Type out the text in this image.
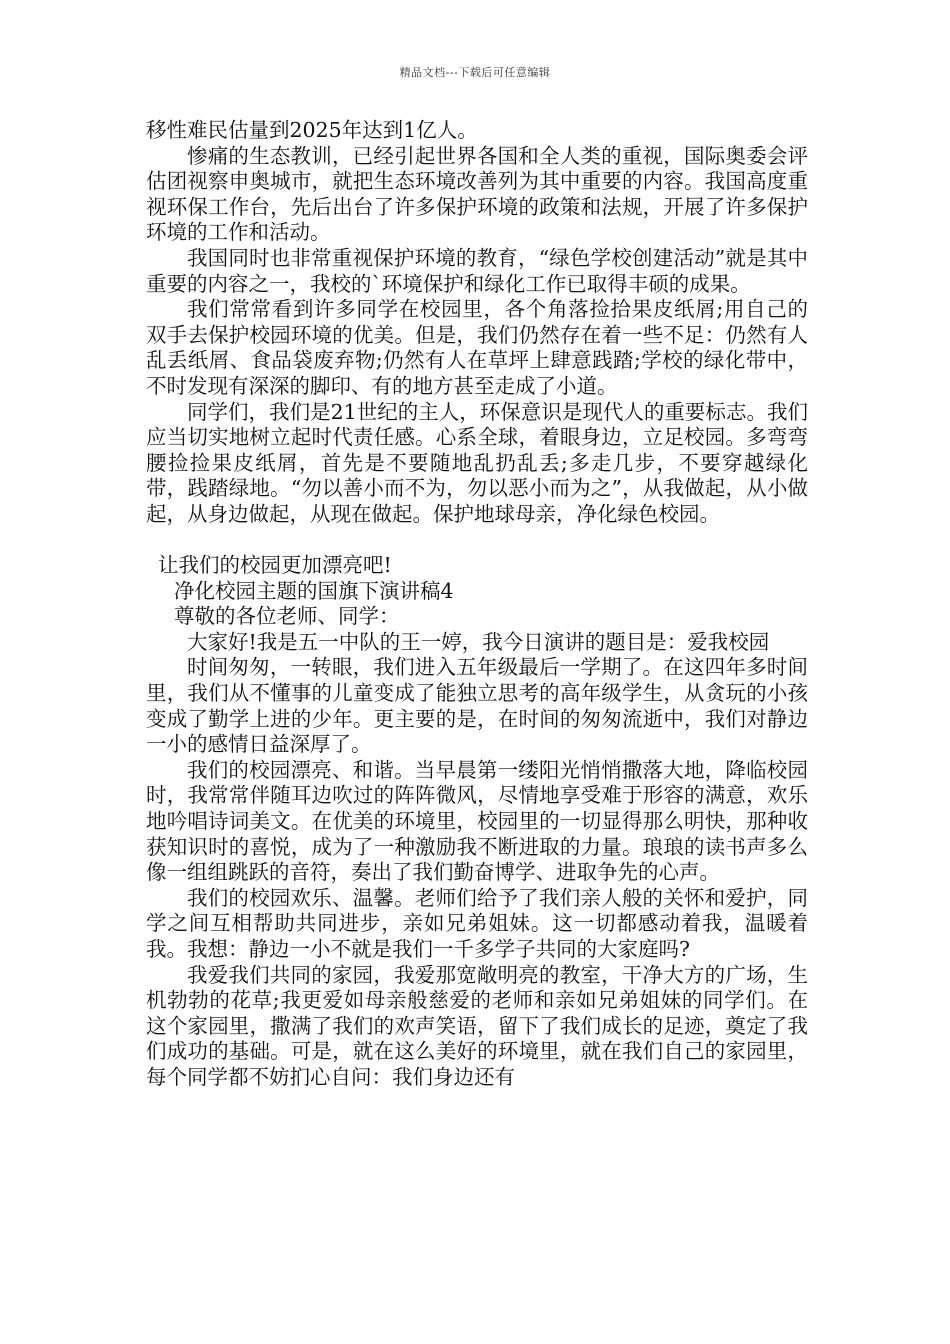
精品文档---下载后可任意编辑

移性难民估量到2025年达到1亿人。

惨痛的生态教训，已经引起世界各国和全人类的重视，国际奥委会评估团视察申奥城市，就把生态环境改善列为其中重要的内容。我国高度重视环保工作台，先后出台了许多保护环境的政策和法规，开展了许多保护环境的工作和活动。

我国同时也非常重视保护环境的教育，“绿色学校创建活动”就是其中重要的内容之一，我校的`环境保护和绿化工作已取得丰硕的成果。

我们常常看到许多同学在校园里，各个角落捡拾果皮纸屑;用自己的双手去保护校园环境的优美。但是，我们仍然存在着一些不足：仍然有人乱丢纸屑、食品袋废弃物;仍然有人在草坪上肆意践踏;学校的绿化带中，不时发现有深深的脚印、有的地方甚至走成了小道。

同学们，我们是21世纪的主人，环保意识是现代人的重要标志。我们应当切实地树立起时代责任感。心系全球，着眼身边，立足校园。多弯弯腰捡捡果皮纸屑，首先是不要随地乱扔乱丢;多走几步，不要穿越绿化带，践踏绿地。“勿以善小而不为，勿以恶小而为之”，从我做起，从小做起，从身边做起，从现在做起。保护地球母亲，净化绿色校园。

让我们的校园更加漂亮吧!

净化校园主题的国旗下演讲稿4

尊敬的各位老师、同学：

大家好!我是五一中队的王一婷，我今日演讲的题目是：爱我校园

时间匆匆，一转眼，我们进入五年级最后一学期了。在这四年多时间里，我们从不懂事的儿童变成了能独立思考的高年级学生，从贪玩的小孩变成了勤学上进的少年。更主要的是，在时间的匆匆流逝中，我们对静边一小的感情日益深厚了。

我们的校园漂亮、和谐。当早晨第一缕阳光悄悄撒落大地，降临校园时，我常常伴随耳边吹过的阵阵微风，尽情地享受难于形容的满意，欢乐地吟唱诗词美文。在优美的环境里，校园里的一切显得那么明快，那种收获知识时的喜悦，成为了一种激励我不断进取的力量。琅琅的读书声多么像一组组跳跃的音符，奏出了我们勤奋博学、进取争先的心声。

我们的校园欢乐、温馨。老师们给予了我们亲人般的关怀和爱护，同学之间互相帮助共同进步，亲如兄弟姐妹。这一切都感动着我，温暖着我。我想：静边一小不就是我们一千多学子共同的大家庭吗?

我爱我们共同的家园，我爱那宽敞明亮的教室，干净大方的广场，生机勃勃的花草;我更爱如母亲般慈爱的老师和亲如兄弟姐妹的同学们。在这个家园里，撒满了我们的欢声笑语，留下了我们成长的足迹，奠定了我们成功的基础。可是，就在这么美好的环境里，就在我们自己的家园里，每个同学都不妨扪心自问：我们身边还有
